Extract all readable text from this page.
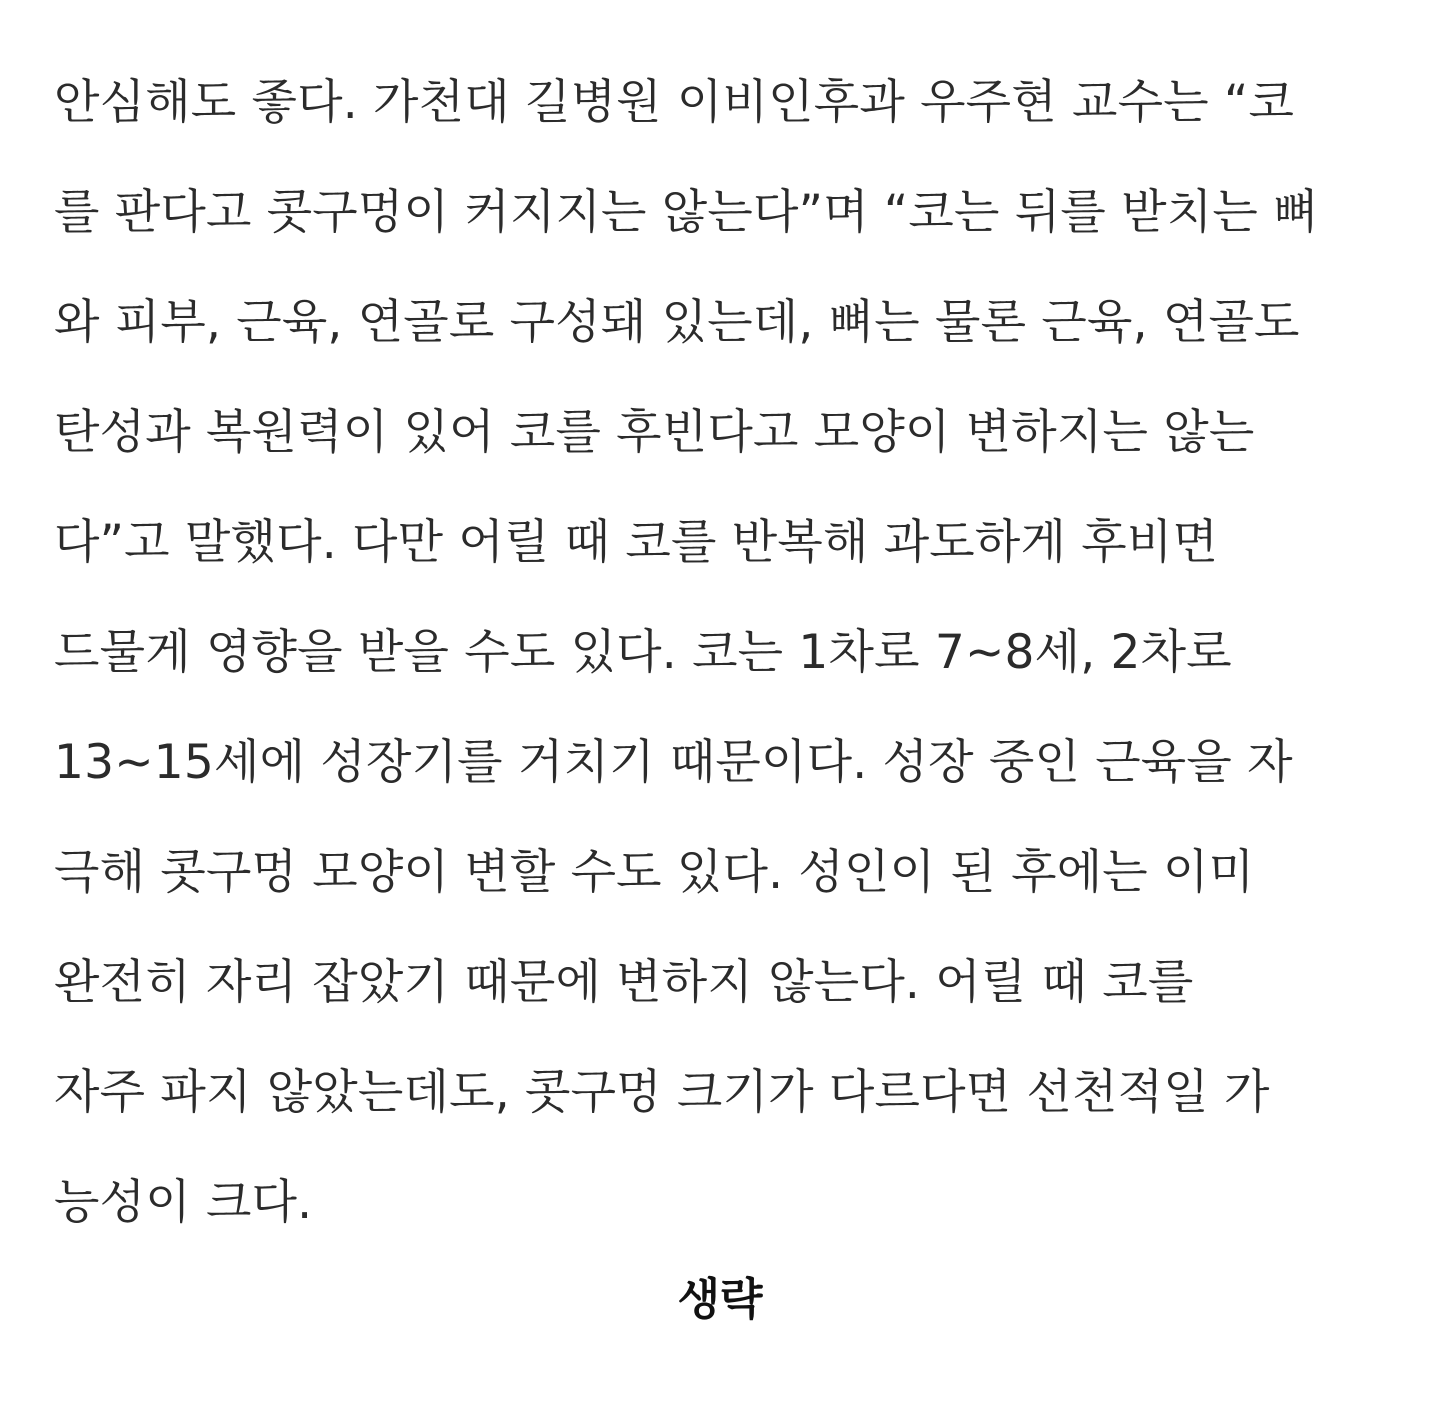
안심해도 좋다. 가천대 길병원 이비인후과 우주현 교수는 “코
를 판다고 콧구멍이 커지지는 않는다”며 “코는 뒤를 받치는 뼈
와 피부, 근육, 연골로 구성돼 있는데, 뼈는 물론 근육, 연골도
탄성과 복원력이 있어 코를 후빈다고 모양이 변하지는 않는
다”고 말했다. 다만 어릴 때 코를 반복해 과도하게 후비면
드물게 영향을 받을 수도 있다. 코는 1차로 7~8세, 2차로
13~15세에 성장기를 거치기 때문이다. 성장 중인 근육을 자
극해 콧구멍 모양이 변할 수도 있다. 성인이 된 후에는 이미
완전히 자리 잡았기 때문에 변하지 않는다. 어릴 때 코를
자주 파지 않았는데도, 콧구멍 크기가 다르다면 선천적일 가
능성이 크다.
생략
